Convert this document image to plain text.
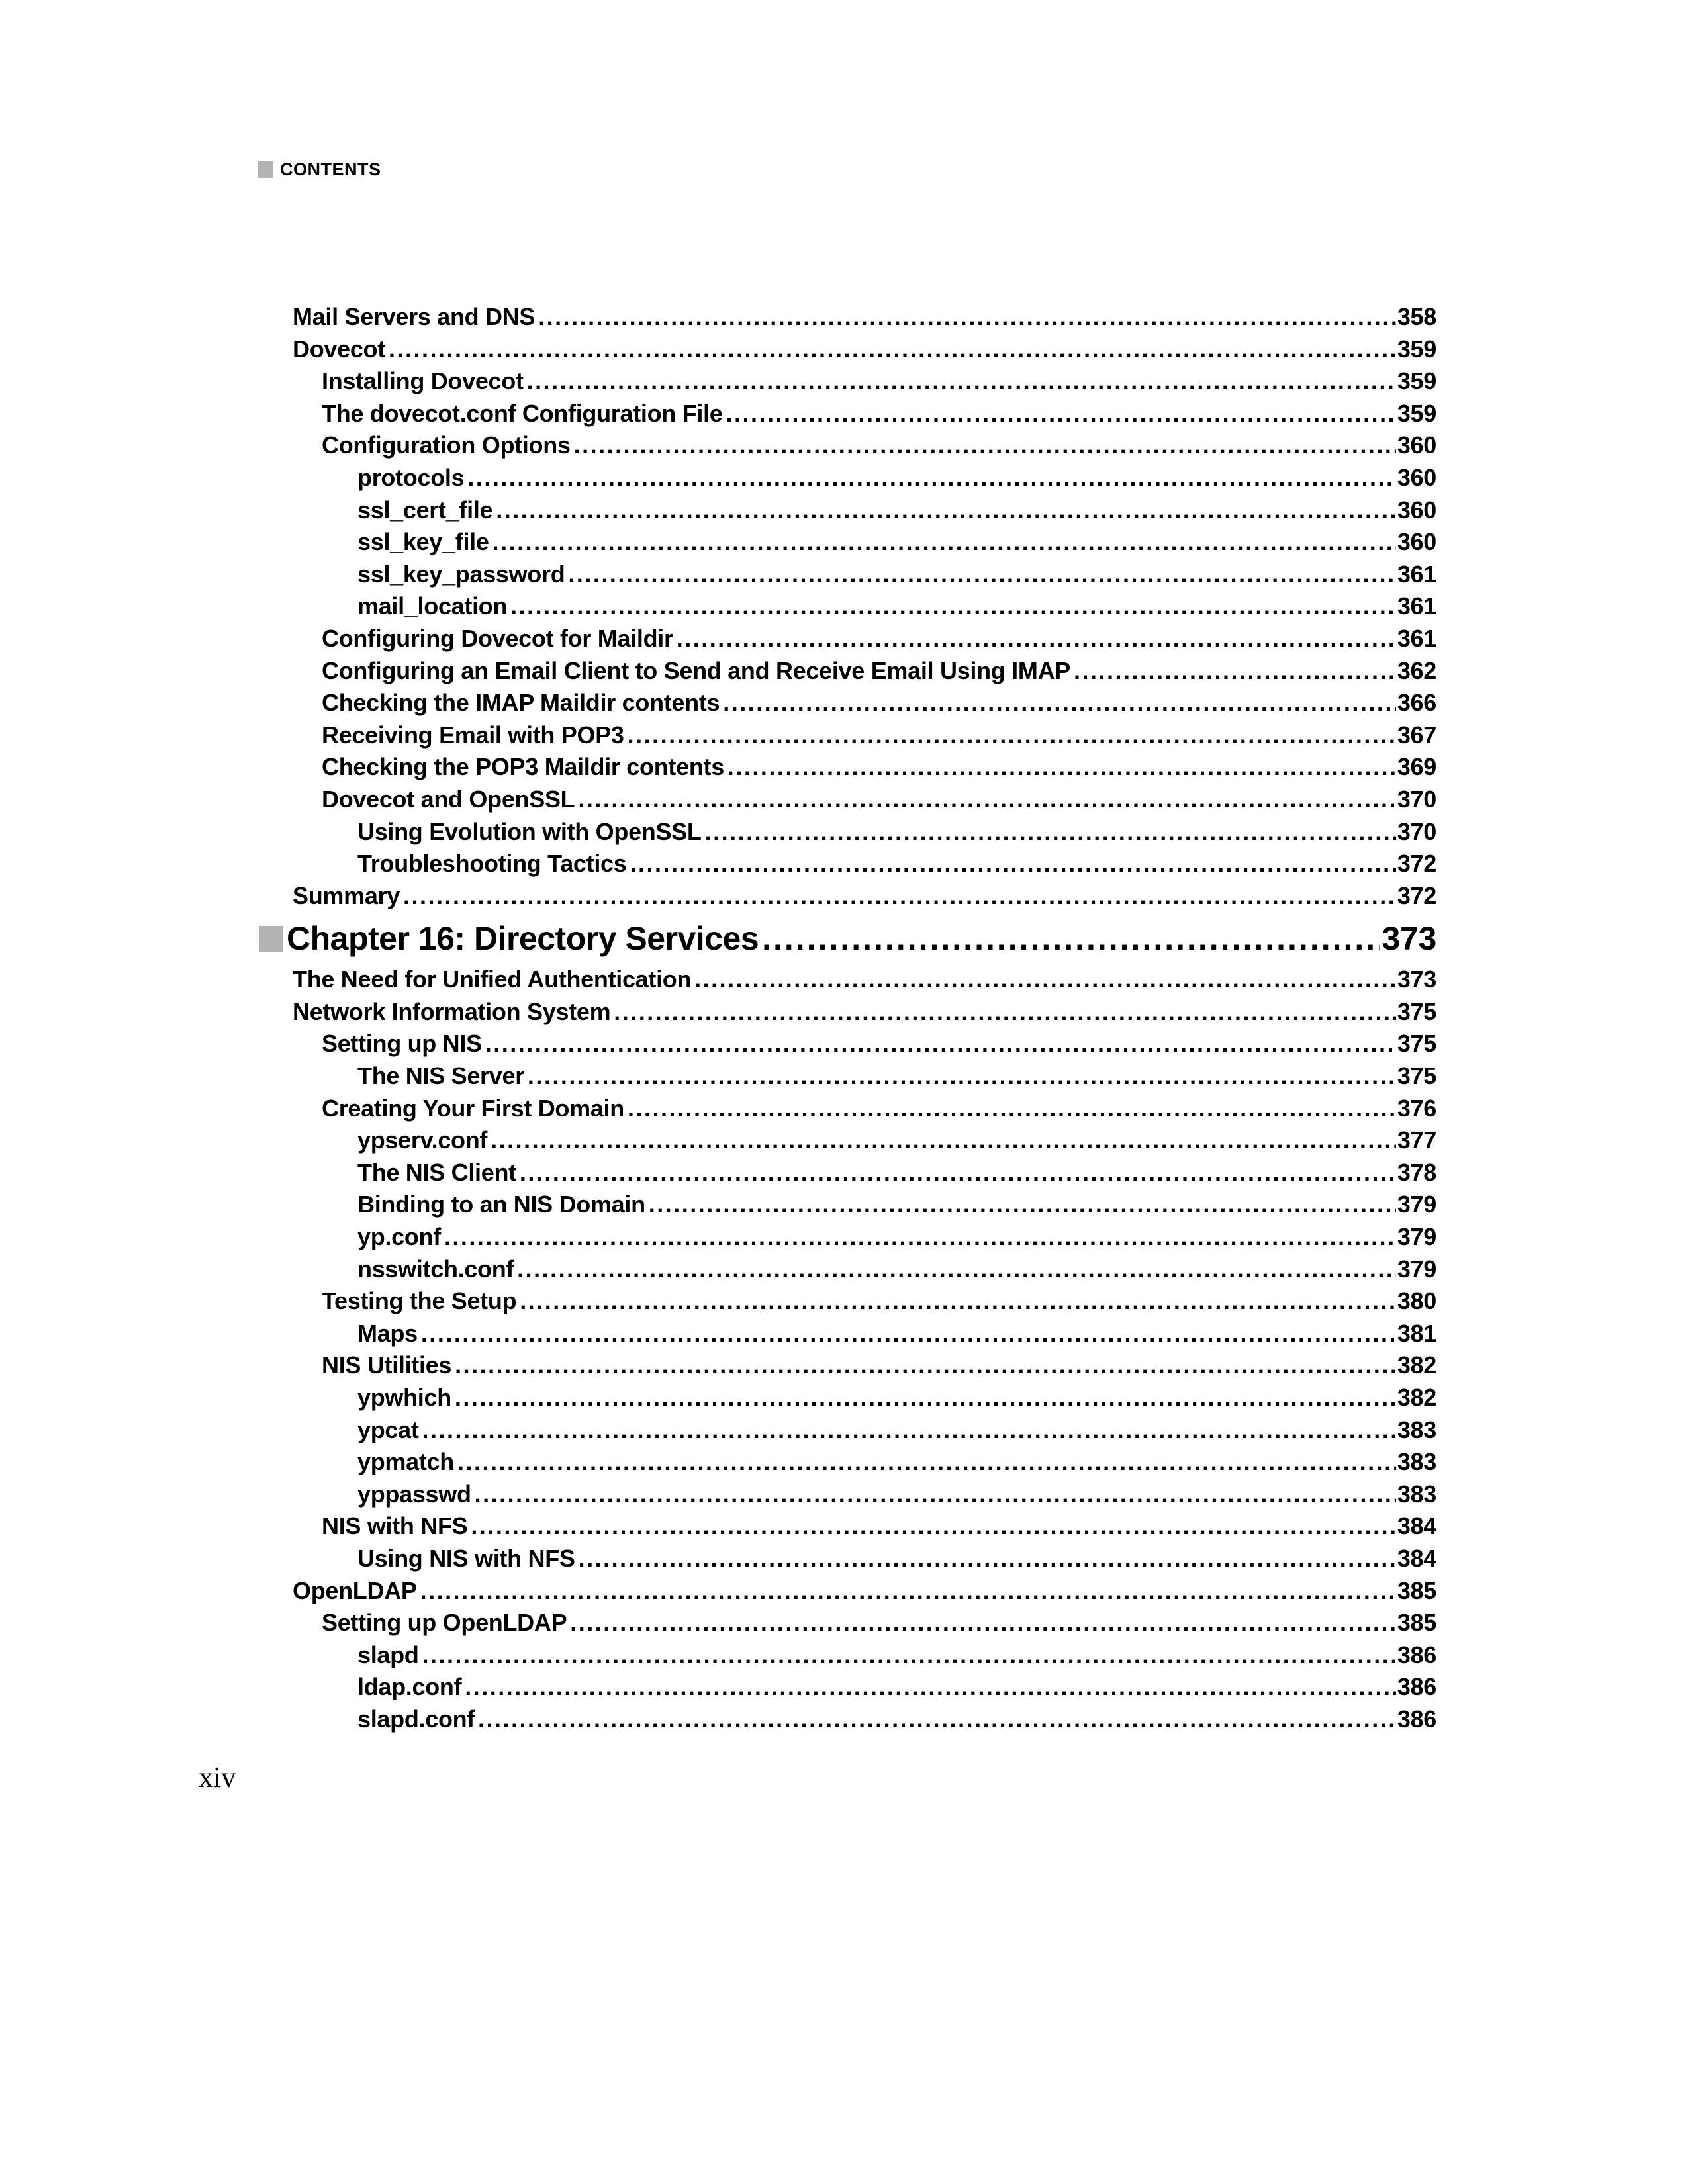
CONTENTS
Mail Servers and DNS .....	358
Dovecot .....	359
Installing Dovecot .....	359
The dovecot.conf Configuration File .....	359
Configuration Options .....	360
protocols .....	360
ssl_cert_file .....	360
ssl_key_file .....	360
ssl_key_password .....	361
mail_location .....	361
Configuring Dovecot for Maildir .....	361
Configuring an Email Client to Send and Receive Email Using IMAP .....	362
Checking the IMAP Maildir contents .....	366
Receiving Email with POP3 .....	367
Checking the POP3 Maildir contents .....	369
Dovecot and OpenSSL .....	370
Using Evolution with OpenSSL .....	370
Troubleshooting Tactics .....	372
Summary .....	372
Chapter 16: Directory Services .....	373
The Need for Unified Authentication .....	373
Network Information System .....	375
Setting up NIS .....	375
The NIS Server .....	375
Creating Your First Domain .....	376
ypserv.conf .....	377
The NIS Client .....	378
Binding to an NIS Domain .....	379
yp.conf .....	379
nsswitch.conf .....	379
Testing the Setup .....	380
Maps .....	381
NIS Utilities .....	382
ypwhich .....	382
ypcat .....	383
ypmatch .....	383
yppasswd .....	383
NIS with NFS .....	384
Using NIS with NFS .....	384
OpenLDAP .....	385
Setting up OpenLDAP .....	385
slapd .....	386
ldap.conf .....	386
slapd.conf .....	386
xiv
